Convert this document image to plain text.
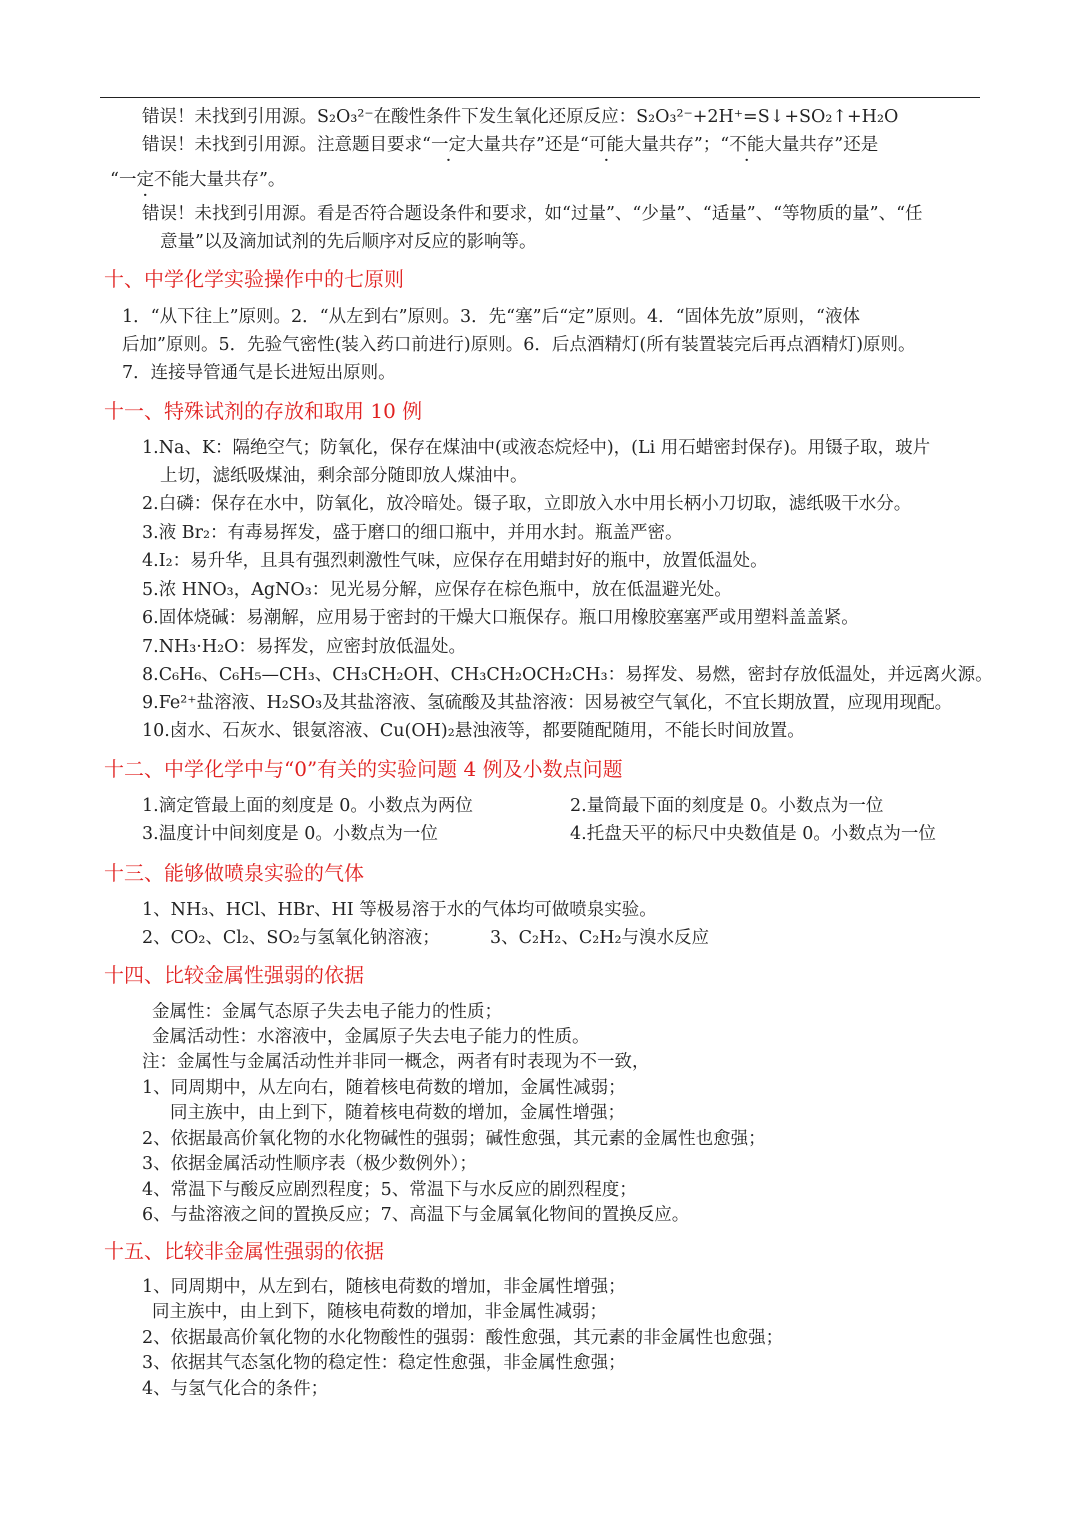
错误！未找到引用源。S₂O₃²⁻在酸性条件下发生氧化还原反应：S₂O₃²⁻+2H⁺=S↓+SO₂↑+H₂O
错误！未找到引用源。注意题目要求“一定大量共存”还是“可能大量共存”；“不能大量共存”还是
“一定不能大量共存”。
错误！未找到引用源。看是否符合题设条件和要求，如“过量”、“少量”、“适量”、“等物质的量”、“任
意量”以及滴加试剂的先后顺序对反应的影响等。
十、中学化学实验操作中的七原则
1．“从下往上”原则。2．“从左到右”原则。3．先“塞”后“定”原则。4．“固体先放”原则，“液体
后加”原则。5．先验气密性(装入药口前进行)原则。6．后点酒精灯(所有装置装完后再点酒精灯)原则。
7．连接导管通气是长进短出原则。
十一、特殊试剂的存放和取用 10 例
1.Na、K：隔绝空气；防氧化，保存在煤油中(或液态烷烃中)，(Li 用石蜡密封保存)。用镊子取，玻片
上切，滤纸吸煤油，剩余部分随即放人煤油中。
2.白磷：保存在水中，防氧化，放冷暗处。镊子取，立即放入水中用长柄小刀切取，滤纸吸干水分。
3.液 Br₂：有毒易挥发，盛于磨口的细口瓶中，并用水封。瓶盖严密。
4.I₂：易升华，且具有强烈刺激性气味，应保存在用蜡封好的瓶中，放置低温处。
5.浓 HNO₃，AgNO₃：见光易分解，应保存在棕色瓶中，放在低温避光处。
6.固体烧碱：易潮解，应用易于密封的干燥大口瓶保存。瓶口用橡胶塞塞严或用塑料盖盖紧。
7.NH₃·H₂O：易挥发，应密封放低温处。
8.C₆H₆、C₆H₅—CH₃、CH₃CH₂OH、CH₃CH₂OCH₂CH₃：易挥发、易燃，密封存放低温处，并远离火源。
9.Fe²⁺盐溶液、H₂SO₃及其盐溶液、氢硫酸及其盐溶液：因易被空气氧化，不宜长期放置，应现用现配。
10.卤水、石灰水、银氨溶液、Cu(OH)₂悬浊液等，都要随配随用，不能长时间放置。
十二、中学化学中与“0”有关的实验问题 4 例及小数点问题
1.滴定管最上面的刻度是 0。小数点为两位	2.量筒最下面的刻度是 0。小数点为一位
3.温度计中间刻度是 0。小数点为一位	4.托盘天平的标尺中央数值是 0。小数点为一位
十三、能够做喷泉实验的气体
1、NH₃、HCl、HBr、HI 等极易溶于水的气体均可做喷泉实验。
2、CO₂、Cl₂、SO₂与氢氧化钠溶液；	3、C₂H₂、C₂H₂与溴水反应
十四、比较金属性强弱的依据
金属性：金属气态原子失去电子能力的性质；
金属活动性：水溶液中，金属原子失去电子能力的性质。
注：金属性与金属活动性并非同一概念，两者有时表现为不一致，
1、同周期中，从左向右，随着核电荷数的增加，金属性减弱；
同主族中，由上到下，随着核电荷数的增加，金属性增强；
2、依据最高价氧化物的水化物碱性的强弱；碱性愈强，其元素的金属性也愈强；
3、依据金属活动性顺序表（极少数例外）；
4、常温下与酸反应剧烈程度；5、常温下与水反应的剧烈程度；
6、与盐溶液之间的置换反应；7、高温下与金属氧化物间的置换反应。
十五、比较非金属性强弱的依据
1、同周期中，从左到右，随核电荷数的增加，非金属性增强；
同主族中，由上到下，随核电荷数的增加，非金属性减弱；
2、依据最高价氧化物的水化物酸性的强弱：酸性愈强，其元素的非金属性也愈强；
3、依据其气态氢化物的稳定性：稳定性愈强，非金属性愈强；
4、与氢气化合的条件；
